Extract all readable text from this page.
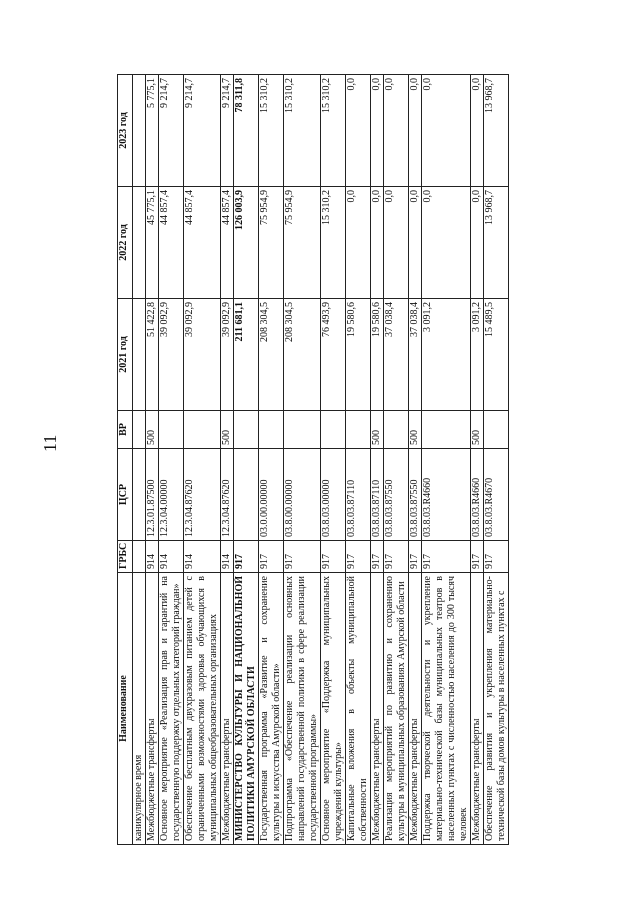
11
Наименование	ГРБС	ЦСР	ВР	2021 год	2022 год	2023 год
каникулярное время						
Межбюджетные трансферты	914	12.3.01.87500	500	51 422,8	45 775,1	5 775,1
Основное мероприятие «Реализация прав и гарантий на государственную поддержку отдельных категорий граждан»	914	12.3.04.00000		39 092,9	44 857,4	9 214,7
Обеспечение бесплатным двухразовым питанием детей с ограниченными возможностями здоровья обучающихся в муниципальных общеобразовательных организациях	914	12.3.04.87620		39 092,9	44 857,4	9 214,7
Межбюджетные трансферты	914	12.3.04.87620	500	39 092,9	44 857,4	9 214,7
МИНИСТЕРСТВО КУЛЬТУРЫ И НАЦИОНАЛЬНОЙ ПОЛИТИКИ АМУРСКОЙ ОБЛАСТИ	917			211 681,1	126 003,9	78 311,8
Государственная программа «Развитие и сохранение культуры и искусства Амурской области»	917	03.0.00.00000		208 304,5	75 954,9	15 310,2
Подпрограмма «Обеспечение реализации основных направлений государственной политики в сфере реализации государственной программы»	917	03.8.00.00000		208 304,5	75 954,9	15 310,2
Основное мероприятие «Поддержка муниципальных учреждений культуры»	917	03.8.03.00000		76 493,9	15 310,2	15 310,2
Капитальные вложения в объекты муниципальной собственности	917	03.8.03.87110		19 580,6	0,0	0,0
Межбюджетные трансферты	917	03.8.03.87110	500	19 580,6	0,0	0,0
Реализация мероприятий по развитию и сохранению культуры в муниципальных образованиях Амурской области	917	03.8.03.87550		37 038,4	0,0	0,0
Межбюджетные трансферты	917	03.8.03.87550	500	37 038,4	0,0	0,0
Поддержка творческой деятельности и укрепление материально-технической базы муниципальных театров в населенных пунктах с численностью населения до 300 тысяч человек	917	03.8.03.R4660		3 091,2	0,0	0,0
Межбюджетные трансферты	917	03.8.03.R4660	500	3 091,2	0,0	0,0
Обеспечение развития и укрепления материально-технической базы домов культуры в населенных пунктах с	917	03.8.03.R4670		15 489,5	13 968,7	13 968,7
